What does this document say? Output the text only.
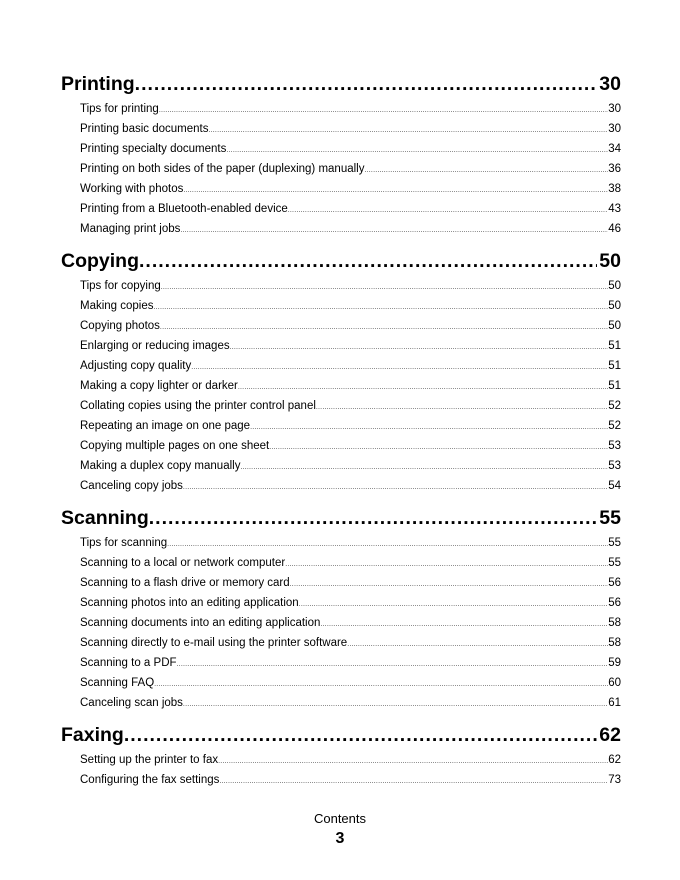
Printing .....	30
Tips for printing .....	30
Printing basic documents .....	30
Printing specialty documents .....	34
Printing on both sides of the paper (duplexing) manually .....	36
Working with photos .....	38
Printing from a Bluetooth-enabled device .....	43
Managing print jobs .....	46
Copying .....	50
Tips for copying .....	50
Making copies .....	50
Copying photos .....	50
Enlarging or reducing images .....	51
Adjusting copy quality .....	51
Making a copy lighter or darker .....	51
Collating copies using the printer control panel .....	52
Repeating an image on one page .....	52
Copying multiple pages on one sheet .....	53
Making a duplex copy manually .....	53
Canceling copy jobs .....	54
Scanning .....	55
Tips for scanning .....	55
Scanning to a local or network computer .....	55
Scanning to a flash drive or memory card .....	56
Scanning photos into an editing application .....	56
Scanning documents into an editing application .....	58
Scanning directly to e-mail using the printer software .....	58
Scanning to a PDF .....	59
Scanning FAQ .....	60
Canceling scan jobs .....	61
Faxing .....	62
Setting up the printer to fax .....	62
Configuring the fax settings .....	73
Contents
3
